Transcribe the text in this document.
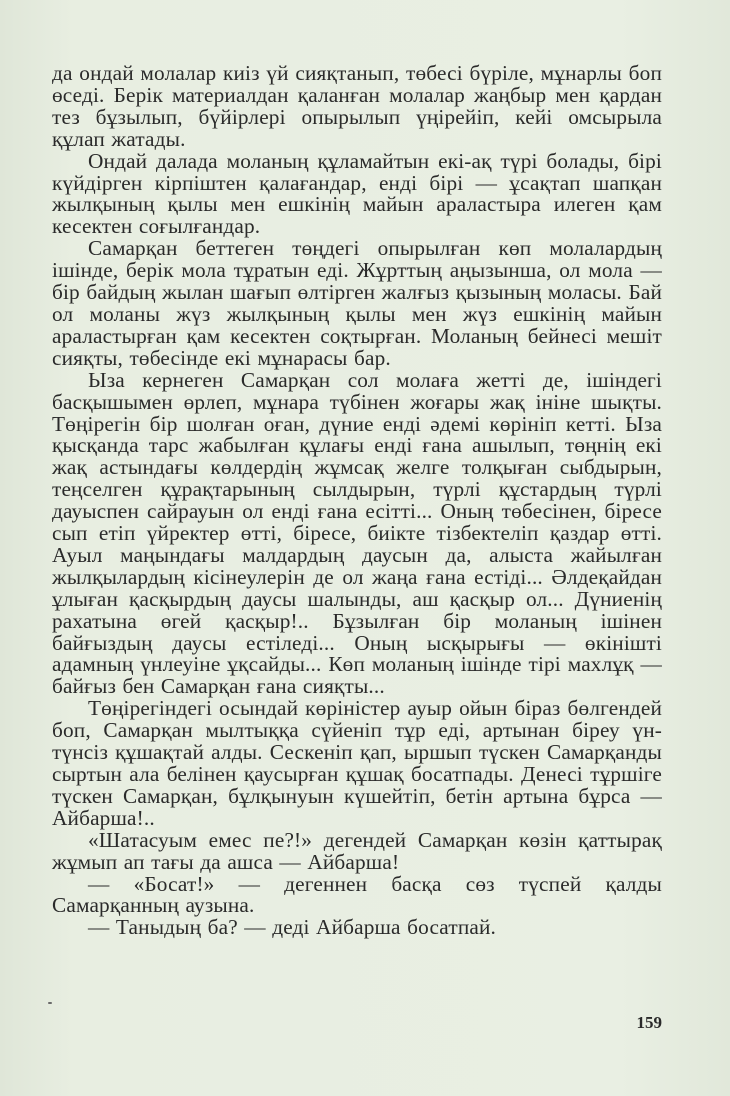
да ондай молалар киіз үй сияқтанып, төбесі бүріле, мұнарлы боп өседі. Берік материалдан қаланған молалар жаңбыр мен қардан тез бұзылып, бүйірлері опырылып үңірейіп, кейі омсырыла құлап жатады.

Ондай далада моланың құламайтын екі-ақ түрі болады, бірі күйдірген кірпіштен қалағандар, енді бірі — ұсақтап шапқан жылқының қылы мен ешкінің майын араластыра илеген қам кесектен соғылғандар.

Самарқан беттеген төңдегі опырылған көп молалардың ішінде, берік мола тұратын еді. Жұрттың аңызынша, ол мола — бір байдың жылан шағып өлтірген жалғыз қызының моласы. Бай ол моланы жүз жылқының қылы мен жүз ешкінің майын араластырған қам кесектен соқтырған. Моланың бейнесі мешіт сияқты, төбесінде екі мұнарасы бар.

Ыза кернеген Самарқан сол молаға жетті де, ішіндегі басқышымен өрлеп, мұнара түбінен жоғары жақ ініне шықты. Төңірегін бір шолған оған, дүние енді әдемі көрініп кетті. Ыза қысқанда тарс жабылған құлағы енді ғана ашылып, төңнің екі жақ астындағы көлдердің жұмсақ желге толқыған сыбдырын, теңселген құрақтарының сылдырын, түрлі құстардың түрлі дауыспен сайрауын ол енді ғана есітті... Оның төбесінен, біресе сып етіп үйректер өтті, біресе, биікте тізбектеліп қаздар өтті. Ауыл маңындағы малдардың даусын да, алыста жайылған жылқылардың кісінеулерін де ол жаңа ғана естіді... Әлдеқайдан ұлыған қасқырдың даусы шалынды, аш қасқыр ол... Дүниенің рахатына өгей қасқыр!.. Бұзылған бір моланың ішінен байғыздың даусы естіледі... Оның ысқырығы — өкінішті адамның үнлеуіне ұқсайды... Көп моланың ішінде тірі махлұқ — байғыз бен Самарқан ғана сияқты...

Төңірегіндегі осындай көріністер ауыр ойын біраз бөлгендей боп, Самарқан мылтыққа сүйеніп тұр еді, артынан біреу үн-түнсіз құшақтай алды. Сескеніп қап, ыршып түскен Самарқанды сыртын ала белінен қаусырған құшақ босатпады. Денесі тұршіге түскен Самарқан, бұлқынуын күшейтіп, бетін артына бұрса — Айбарша!..

«Шатасуым емес пе?!» дегендей Самарқан көзін қаттырақ жұмып ап тағы да ашса — Айбарша!

— «Босат!» — дегеннен басқа сөз түспей қалды Самарқанның аузына.

— Таныдың ба? — деді Айбарша босатпай.

159
